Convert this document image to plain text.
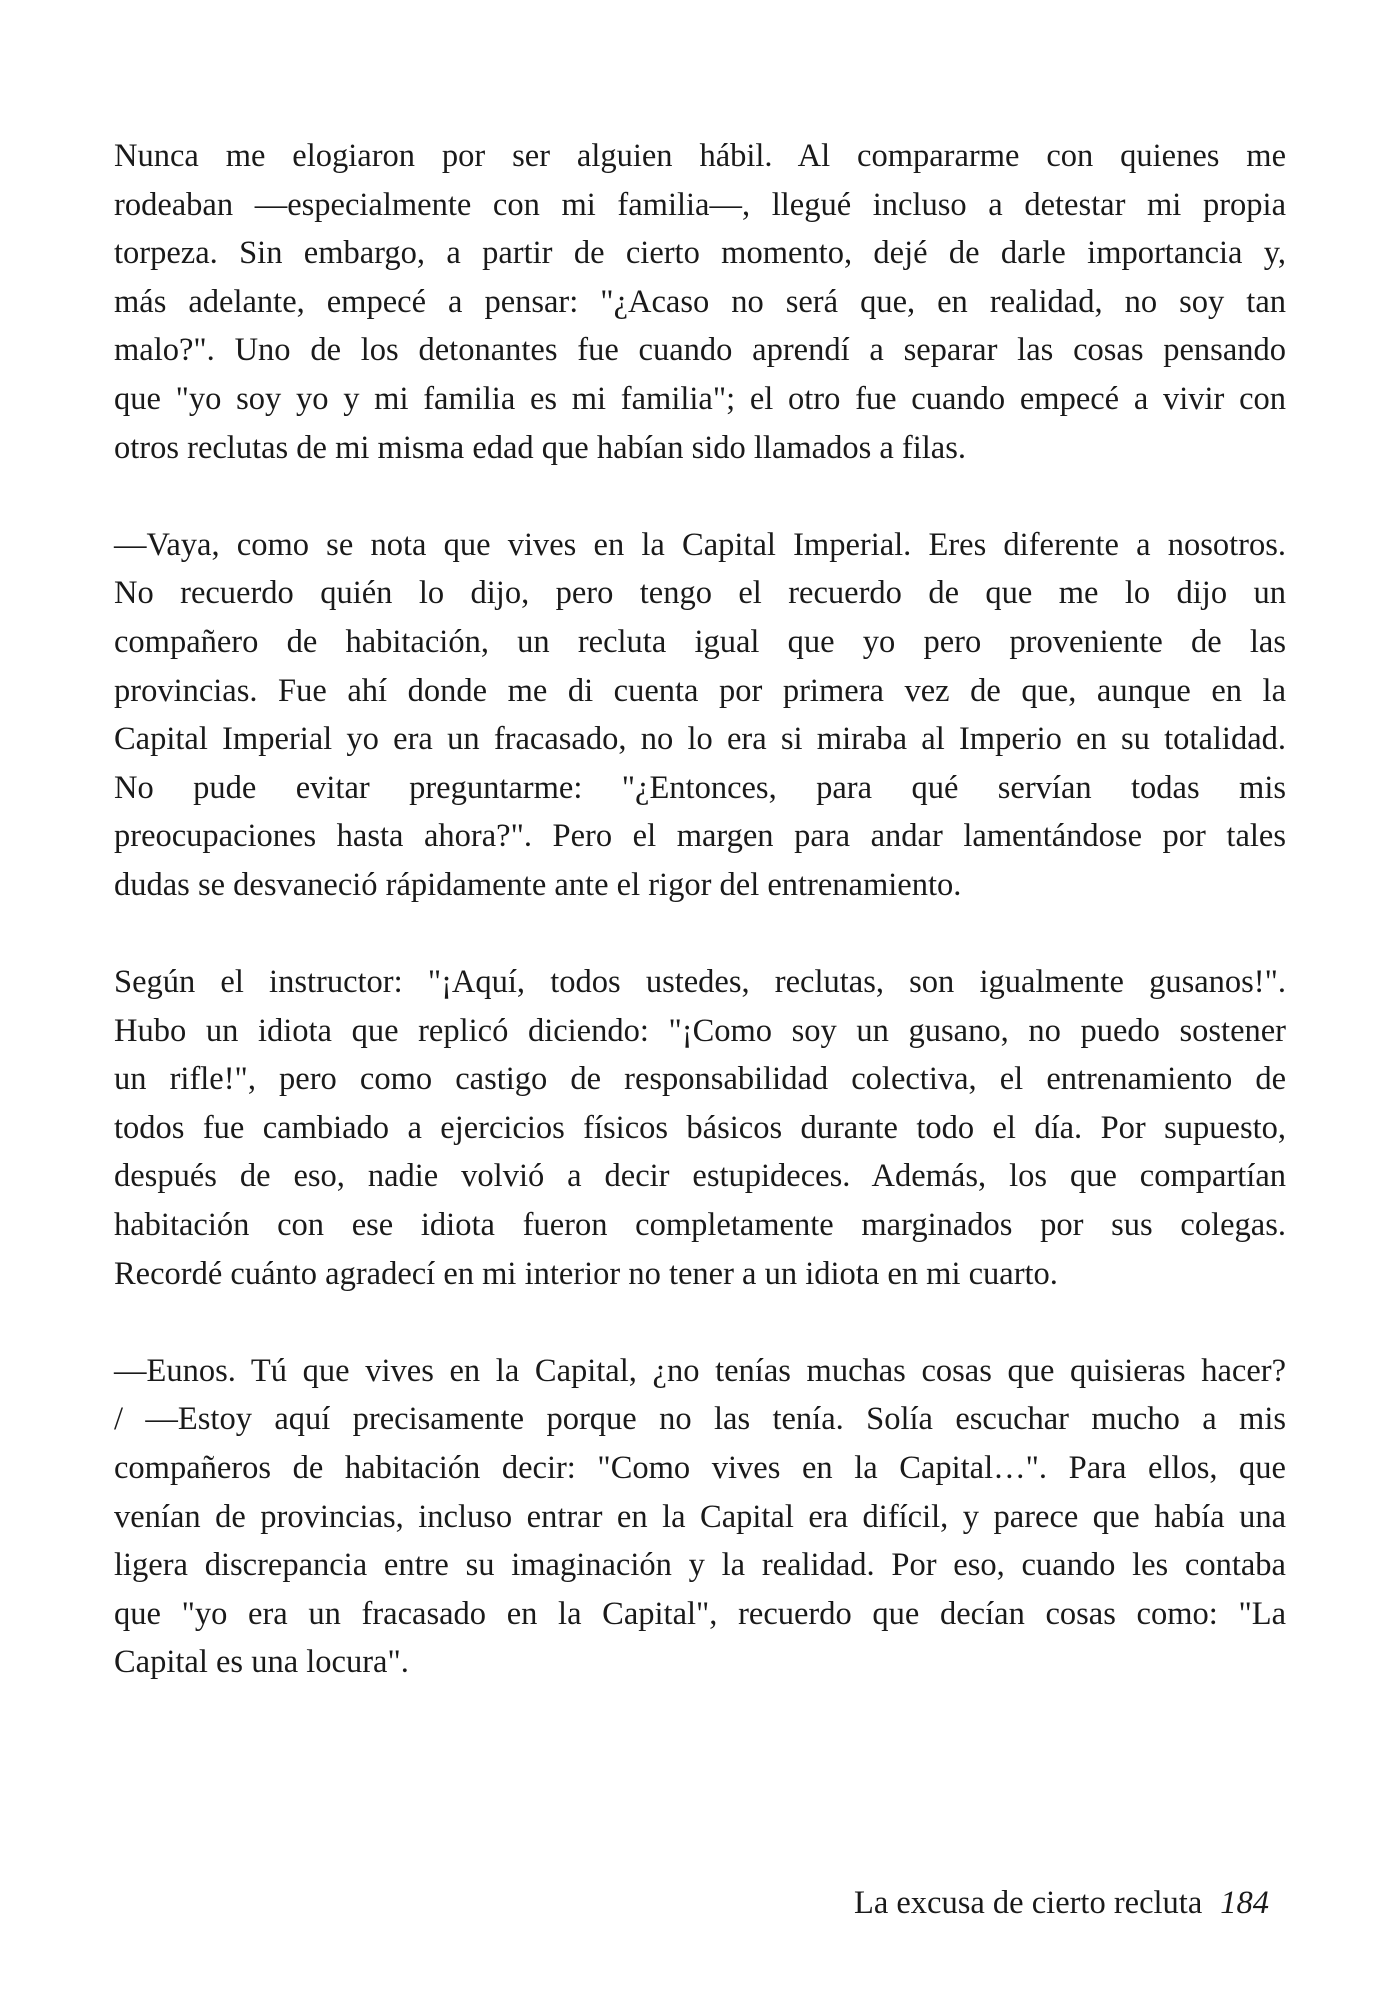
Nunca me elogiaron por ser alguien hábil. Al compararme con quienes me
rodeaban —especialmente con mi familia—, llegué incluso a detestar mi propia
torpeza. Sin embargo, a partir de cierto momento, dejé de darle importancia y,
más adelante, empecé a pensar: "¿Acaso no será que, en realidad, no soy tan
malo?". Uno de los detonantes fue cuando aprendí a separar las cosas pensando
que "yo soy yo y mi familia es mi familia"; el otro fue cuando empecé a vivir con
otros reclutas de mi misma edad que habían sido llamados a filas.

—Vaya, como se nota que vives en la Capital Imperial. Eres diferente a nosotros.
No recuerdo quién lo dijo, pero tengo el recuerdo de que me lo dijo un
compañero de habitación, un recluta igual que yo pero proveniente de las
provincias. Fue ahí donde me di cuenta por primera vez de que, aunque en la
Capital Imperial yo era un fracasado, no lo era si miraba al Imperio en su totalidad.
No pude evitar preguntarme: "¿Entonces, para qué servían todas mis
preocupaciones hasta ahora?". Pero el margen para andar lamentándose por tales
dudas se desvaneció rápidamente ante el rigor del entrenamiento.

Según el instructor: "¡Aquí, todos ustedes, reclutas, son igualmente gusanos!".
Hubo un idiota que replicó diciendo: "¡Como soy un gusano, no puedo sostener
un rifle!", pero como castigo de responsabilidad colectiva, el entrenamiento de
todos fue cambiado a ejercicios físicos básicos durante todo el día. Por supuesto,
después de eso, nadie volvió a decir estupideces. Además, los que compartían
habitación con ese idiota fueron completamente marginados por sus colegas.
Recordé cuánto agradecí en mi interior no tener a un idiota en mi cuarto.

—Eunos. Tú que vives en la Capital, ¿no tenías muchas cosas que quisieras hacer?
/ —Estoy aquí precisamente porque no las tenía. Solía escuchar mucho a mis
compañeros de habitación decir: "Como vives en la Capital…". Para ellos, que
venían de provincias, incluso entrar en la Capital era difícil, y parece que había una
ligera discrepancia entre su imaginación y la realidad. Por eso, cuando les contaba
que "yo era un fracasado en la Capital", recuerdo que decían cosas como: "La
Capital es una locura".

La excusa de cierto recluta 184
